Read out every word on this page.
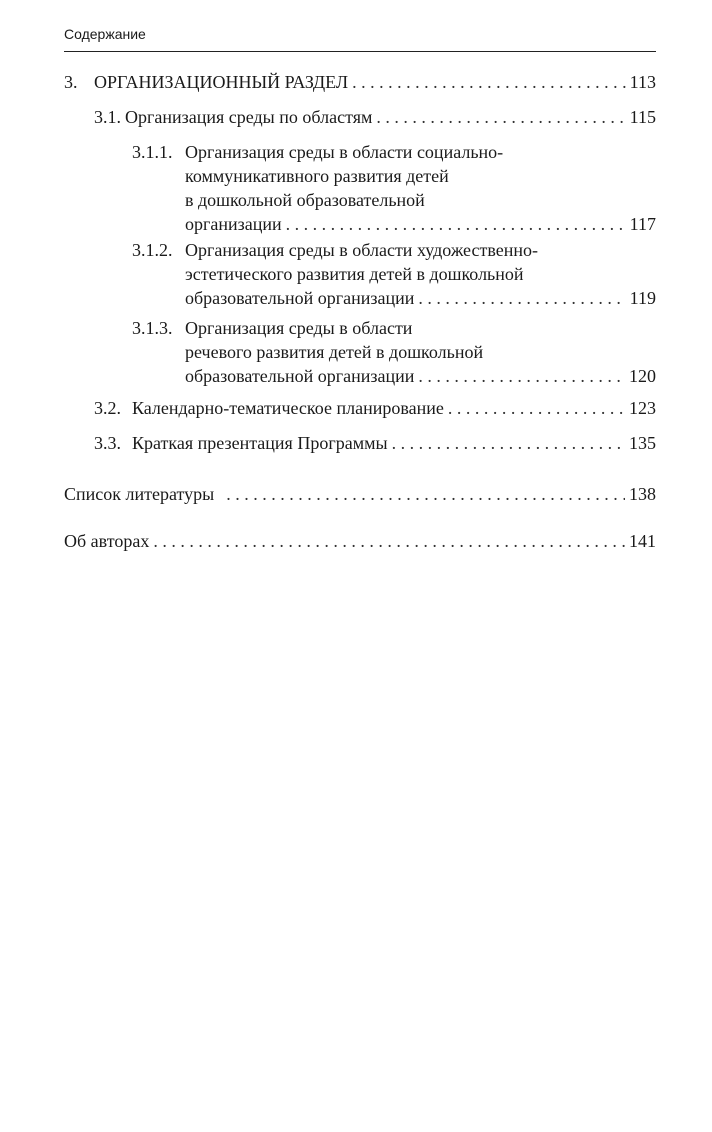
Содержание
3. ОРГАНИЗАЦИОННЫЙ РАЗДЕЛ . . .	113
3.1. Организация среды по областям . . .	115
3.1.1. Организация среды в области социально-
коммуникативного развития детей
в дошкольной образовательной
организации . . .	117
3.1.2. Организация среды в области художественно-
эстетического развития детей в дошкольной
образовательной организации . . .	119
3.1.3. Организация среды в области
речевого развития детей в дошкольной
образовательной организации . . .	120
3.2. Календарно-тематическое планирование . . .	123
3.3. Краткая презентация Программы . . .	135
Список литературы . . .	138
Об авторах . . .	141
